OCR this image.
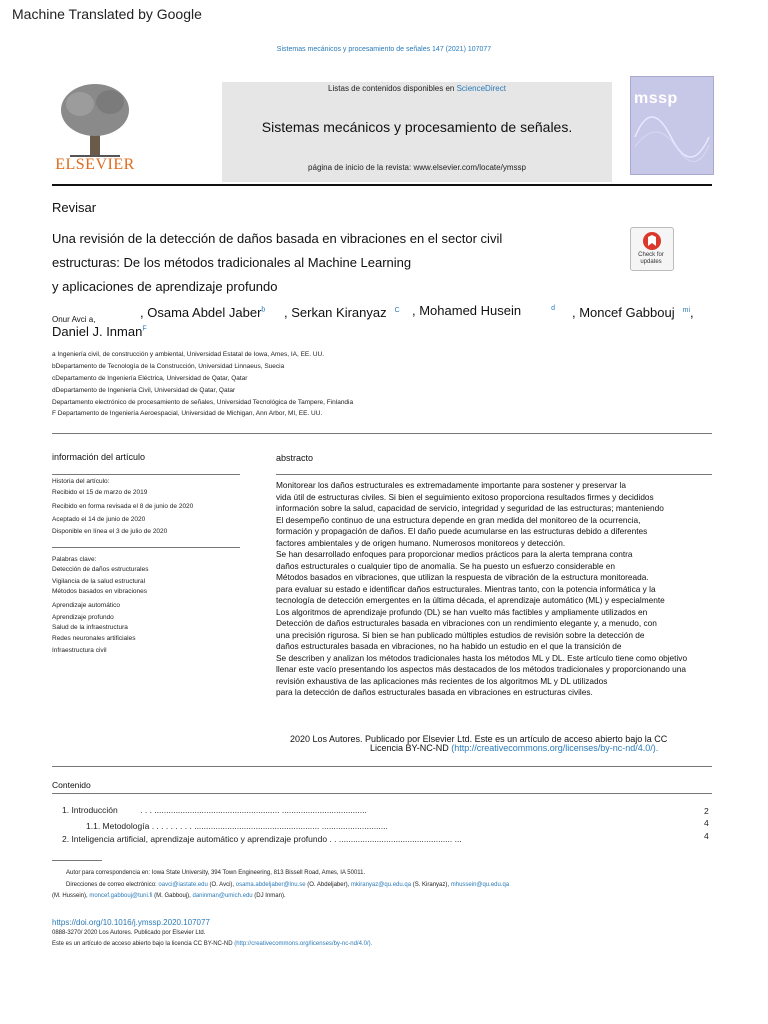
Machine Translated by Google
Sistemas mecánicos y procesamiento de señales 147 (2021) 107077
ELSEVIER
Listas de contenidos disponibles en ScienceDirect
Sistemas mecánicos y procesamiento de señales.
página de inicio de la revista: www.elsevier.com/locate/ymssp
mssp
Revisar
Una revisión de la detección de daños basada en vibraciones en el sector civil
estructuras: De los métodos tradicionales al Machine Learning
y aplicaciones de aprendizaje profundo
Check for updates
Onur Avci a,	, Osama Abdel Jaber$^b$ , Serkan Kiranyaz $^C$ , Mohamed Husein	$^d$ , Moncef Gabbouj $^{mi}$,
Daniel J. Inman$^F$
a Ingeniería civil, de construcción y ambiental, Universidad Estatal de Iowa, Ames, IA, EE. UU.
bDepartamento de Tecnología de la Construcción, Universidad Linnaeus, Suecia
cDepartamento de Ingeniería Eléctrica, Universidad de Qatar, Qatar
dDepartamento de Ingeniería Civil, Universidad de Qatar, Qatar
Departamento electrónico de procesamiento de señales, Universidad Tecnológica de Tampere, Finlandia
F Departamento de Ingeniería Aeroespacial, Universidad de Michigan, Ann Arbor, MI, EE. UU.
información del artículo
Historia del artículo:
Recibido el 15 de marzo de 2019
Recibido en forma revisada el 8 de junio de 2020
Aceptado el 14 de junio de 2020
Disponible en línea el 3 de julio de 2020
Palabras clave:
Detección de daños estructurales
Vigilancia de la salud estructural
Métodos basados en vibraciones
Aprendizaje automático
Aprendizaje profundo
Salud de la infraestructura
Redes neuronales artificiales
Infraestructura civil
abstracto
Monitorear los daños estructurales es extremadamente importante para sostener y preservar la
vida útil de estructuras civiles. Si bien el seguimiento exitoso proporciona resultados firmes y decididos
información sobre la salud, capacidad de servicio, integridad y seguridad de las estructuras; manteniendo
El desempeño continuo de una estructura depende en gran medida del monitoreo de la ocurrencia,
formación y propagación de daños. El daño puede acumularse en las estructuras debido a diferentes
factores ambientales y de origen humano. Numerosos monitoreos y detección.
Se han desarrollado enfoques para proporcionar medios prácticos para la alerta temprana contra
daños estructurales o cualquier tipo de anomalía. Se ha puesto un esfuerzo considerable en
Métodos basados en vibraciones, que utilizan la respuesta de vibración de la estructura monitoreada.
para evaluar su estado e identificar daños estructurales. Mientras tanto, con la potencia informática y la
tecnología de detección emergentes en la última década, el aprendizaje automático (ML) y especialmente
Los algoritmos de aprendizaje profundo (DL) se han vuelto más factibles y ampliamente utilizados en
Detección de daños estructurales basada en vibraciones con un rendimiento elegante y, a menudo, con
una precisión rigurosa. Si bien se han publicado múltiples estudios de revisión sobre la detección de
daños estructurales basada en vibraciones, no ha habido un estudio en el que la transición de
Se describen y analizan los métodos tradicionales hasta los métodos ML y DL. Este artículo tiene como objetivo
llenar este vacío presentando los aspectos más destacados de los métodos tradicionales y proporcionando una
revisión exhaustiva de las aplicaciones más recientes de los algoritmos ML y DL utilizados
para la detección de daños estructurales basada en vibraciones en estructuras civiles.
2020 Los Autores. Publicado por Elsevier Ltd. Este es un artículo de acceso abierto bajo la CC
Licencia BY-NC-ND (http://creativecommons.org/licenses/by-nc-nd/4.0/).
Contenido
1. Introducción	. . . ..................................................... ....................................	2
1.1. Metodología . . . . . . . . . ..................................................... ............................	4
2. Inteligencia artificial, aprendizaje automático y aprendizaje profundo . . ................................................ ...	4
Autor para correspondencia en: Iowa State University, 394 Town Engineering, 813 Bissell Road, Ames, IA 50011.
Direcciones de correo electrónico: oavci@iastate.edu (O. Avci), osama.abdeljaber@lnu.se (O. Abdeljaber), mkiranyaz@qu.edu.qa (S. Kiranyaz), mhussein@qu.edu.qa
(M. Hussein), moncef.gabbouj@tuni.fi (M. Gabbouj), daninman@umich.edu (DJ Inman).
https://doi.org/10.1016/j.ymssp.2020.107077
0888-3270/ 2020 Los Autores. Publicado por Elsevier Ltd.
Este es un artículo de acceso abierto bajo la licencia CC BY-NC-ND (http://creativecommons.org/licenses/by-nc-nd/4.0/).
